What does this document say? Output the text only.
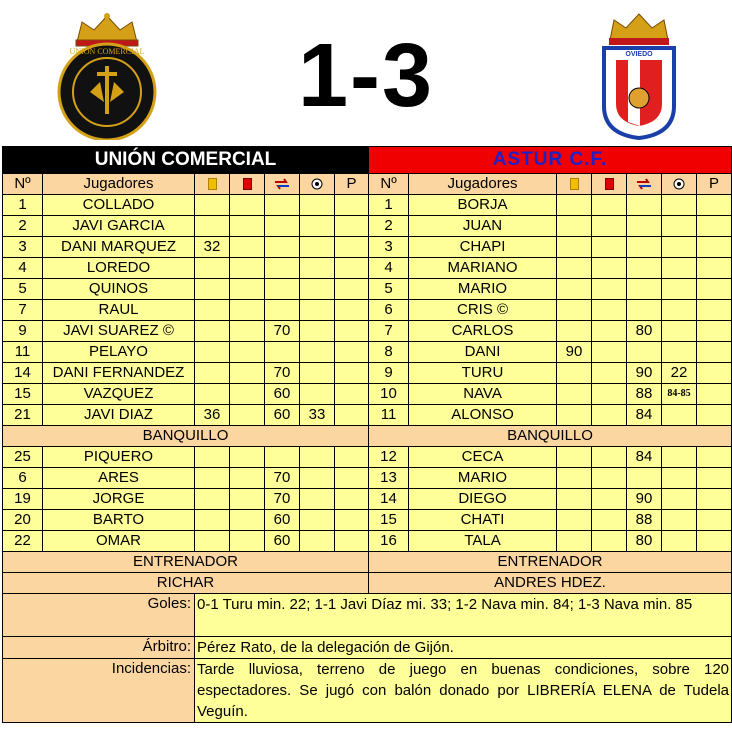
UNIÓN COMERCIAL	1-3	OVIEDO
UNIÓN COMERCIAL							ASTUR C.F.						
Nº	Jugadores					P	Nº	Jugadores					P
1	COLLADO						1	BORJA					
2	JAVI GARCIA						2	JUAN					
3	DANI MARQUEZ	32					3	CHAPI					
4	LOREDO						4	MARIANO					
5	QUINOS						5	MARIO					
7	RAUL						6	CRIS ©					
9	JAVI SUAREZ ©			70			7	CARLOS			80		
11	PELAYO						8	DANI	90				
14	DANI FERNANDEZ			70			9	TURU			90	22	
15	VAZQUEZ			60			10	NAVA			88	84-85	
21	JAVI DIAZ	36		60	33		11	ALONSO			84		
BANQUILLO							BANQUILLO						
25	PIQUERO						12	CECA			84		
6	ARES			70			13	MARIO					
19	JORGE			70			14	DIEGO			90		
20	BARTO			60			15	CHATI			88		
22	OMAR			60			16	TALA			80		
ENTRENADOR							ENTRENADOR						
RICHAR							ANDRES HDEZ.						
Goles:		0-1 Turu min. 22; 1-1 Javi Díaz mi. 33; 1-2 Nava min. 84; 1-3 Nava min. 85											
Árbitro:		Pérez Rato, de la delegación de Gijón.											
Incidencias:		Tarde lluviosa, terreno de juego en buenas condiciones, sobre 120 espectadores. Se jugó con balón donado por LIBRERÍA ELENA de Tudela Veguín.											
